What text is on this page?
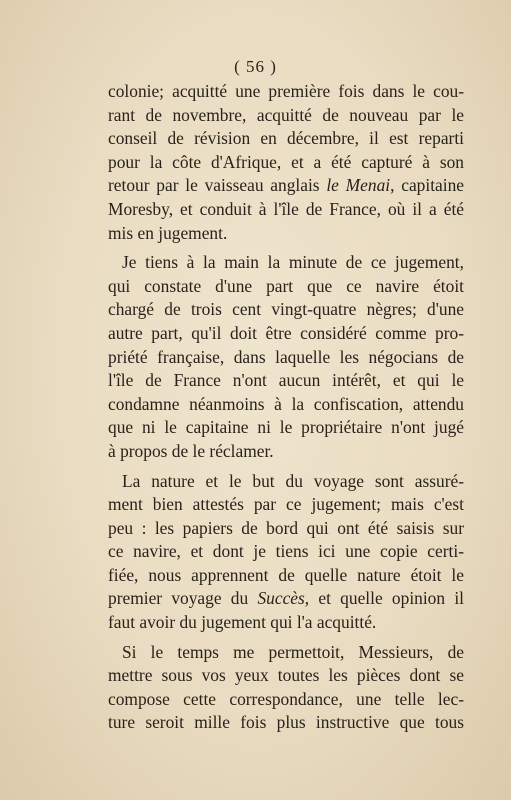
( 56 )

colonie; acquitté une première fois dans le cou-
rant de novembre, acquitté de nouveau par le
conseil de révision en décembre, il est reparti
pour la côte d'Afrique, et a été capturé à son
retour par le vaisseau anglais le Menai, capitaine
Moresby, et conduit à l'île de France, où il a été
mis en jugement.

Je tiens à la main la minute de ce jugement,
qui constate d'une part que ce navire étoit
chargé de trois cent vingt-quatre nègres; d'une
autre part, qu'il doit être considéré comme pro-
priété française, dans laquelle les négocians de
l'île de France n'ont aucun intérêt, et qui le
condamne néanmoins à la confiscation, attendu
que ni le capitaine ni le propriétaire n'ont jugé
à propos de le réclamer.

La nature et le but du voyage sont assuré-
ment bien attestés par ce jugement; mais c'est
peu : les papiers de bord qui ont été saisis sur
ce navire, et dont je tiens ici une copie certi-
fiée, nous apprennent de quelle nature étoit le
premier voyage du Succès, et quelle opinion il
faut avoir du jugement qui l'a acquitté.

Si le temps me permettoit, Messieurs, de
mettre sous vos yeux toutes les pièces dont se
compose cette correspondance, une telle lec-
ture seroit mille fois plus instructive que tous
